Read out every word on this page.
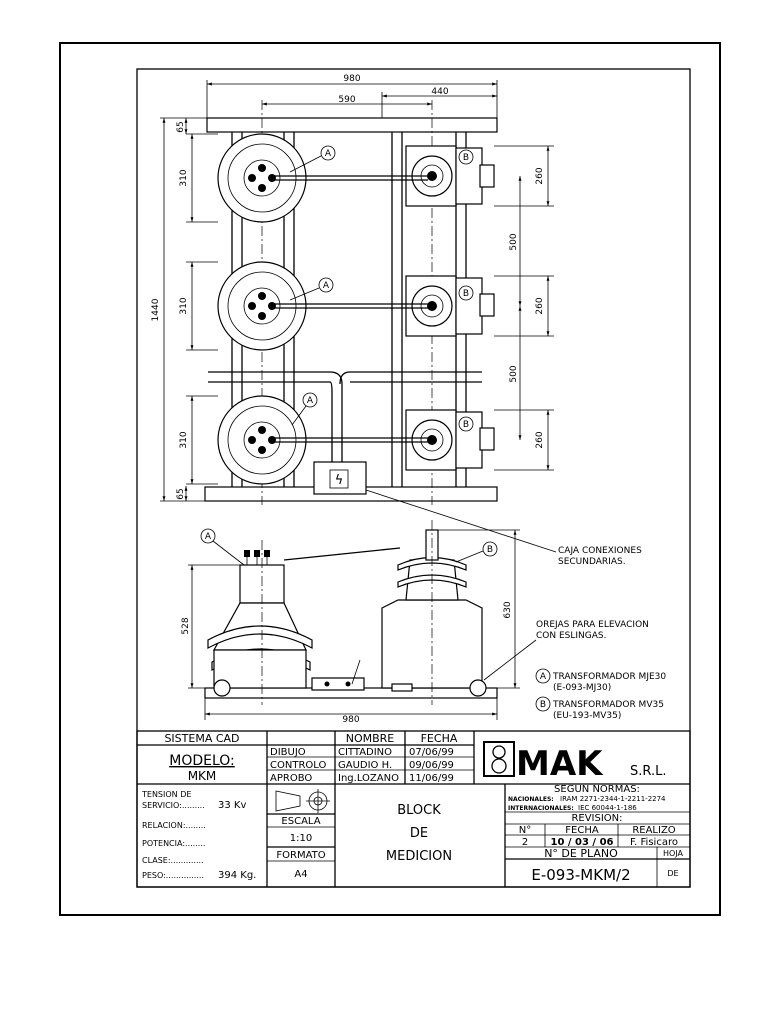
ϟ
A
A
A
B
B
B
980
440
590
1440
65
65
310
310
310
260
260
260
500
500
A
B
528
630
980
CAJA CONEXIONES
SECUNDARIAS.
OREJAS PARA ELEVACION
CON ESLINGAS.
A TRANSFORMADOR MJE30
(E-093-MJ30)
B TRANSFORMADOR MV35
(EU-193-MV35)
SISTEMA CAD
MODELO:
MKM
TENSION DE
SERVICIO:......... 33 Kv
RELACION:........
POTENCIA:........
CLASE:.............
PESO:............... 394 Kg.
NOMBRE FECHA
DIBUJO	CITTADINO 07/06/99
CONTROLO GAUDIO H. 09/06/99
APROBO	Ing.LOZANO 11/06/99
ESCALA
1:10
FORMATO
A4
BLOCK
DE
MEDICION
MAK S.R.L.
SEGUN NORMAS:
NACIONALES: IRAM 2271-2344-1-2211-2274
INTERNACIONALES: IEC 60044-1-186
REVISION:
N°	FECHA	REALIZO
2 10 / 03 / 06 F. Fisicaro
N° DE PLANO
E-093-MKM/2
HOJA
DE
